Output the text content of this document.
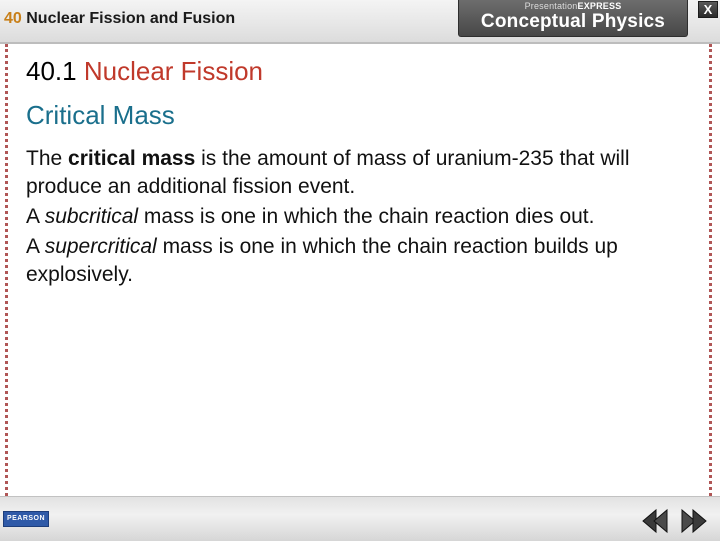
40 Nuclear Fission and Fusion
PresentationEXPRESS
Conceptual Physics
X
40.1 Nuclear Fission
Critical Mass

The critical mass is the amount of mass of uranium-235 that will produce an additional fission event.

A subcritical mass is one in which the chain reaction dies out.

A supercritical mass is one in which the chain reaction builds up explosively.

PEARSON
